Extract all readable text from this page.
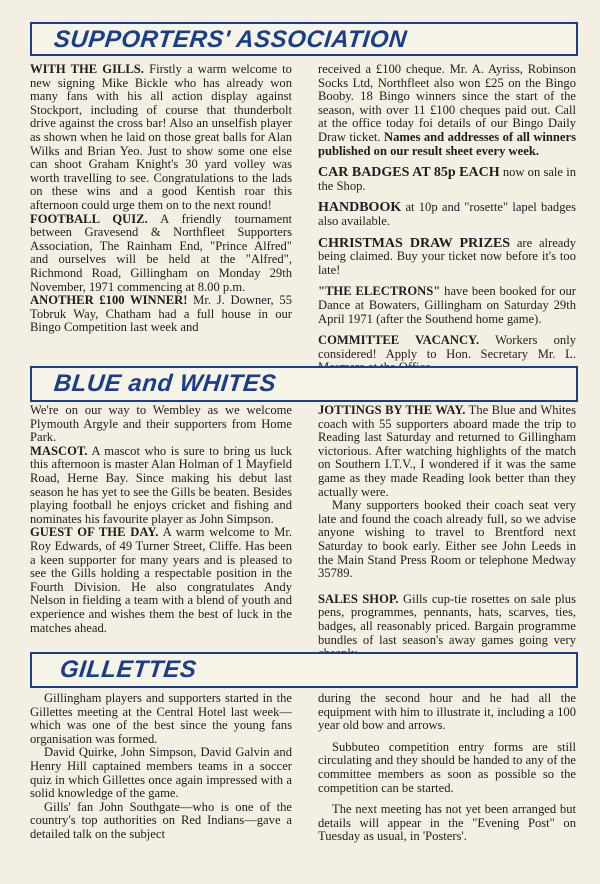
SUPPORTERS' ASSOCIATION

WITH THE GILLS. Firstly a warm welcome to new signing Mike Bickle who has already won many fans with his all action display against Stockport, including of course that thunderbolt drive against the cross bar! Also an unselfish player as shown when he laid on those great balls for Alan Wilks and Brian Yeo. Just to show some one else can shoot Graham Knight's 30 yard volley was worth travelling to see. Congratulations to the lads on these wins and a good Kentish roar this afternoon could urge them on to the next round!

FOOTBALL QUIZ. A friendly tournament between Gravesend & Northfleet Supporters Association, The Rainham End, "Prince Alfred" and ourselves will be held at the "Alfred", Richmond Road, Gillingham on Monday 29th November, 1971 commencing at 8.00 p.m.

ANOTHER £100 WINNER! Mr. J. Downer, 55 Tobruk Way, Chatham had a full house in our Bingo Competition last week and

received a £100 cheque. Mr. A. Ayriss, Robinson Socks Ltd, Northfleet also won £25 on the Bingo Booby. 18 Bingo winners since the start of the season, with over 11 £100 cheques paid out. Call at the office today foi details of our Bingo Daily Draw ticket. Names and addresses of all winners published on our result sheet every week.

CAR BADGES AT 85p EACH now on sale in the Shop.

HANDBOOK at 10p and "rosette" lapel badges also available.

CHRISTMAS DRAW PRIZES are already being claimed. Buy your ticket now before it's too late!

"THE ELECTRONS" have been booked for our Dance at Bowaters, Gillingham on Saturday 29th April 1971 (after the Southend home game).

COMMITTEE VACANCY. Workers only considered! Apply to Hon. Secretary Mr. L.

BLUE and WHITES

We're on our way to Wembley as we welcome Plymouth Argyle and their supporters from Home Park.

MASCOT. A mascot who is sure to bring us luck this afternoon is master Alan Holman of 1 Mayfield Road, Herne Bay. Since making his debut last season he has yet to see the Gills be beaten. Besides playing football he enjoys cricket and fishing and nominates his favourite player as John Simpson.

GUEST OF THE DAY. A warm welcome to Mr. Roy Edwards, of 49 Turner Street, Cliffe. Has been a keen supporter for many years and is pleased to see the Gills holding a respectable position in the Fourth Division. He also congratulates Andy Nelson in fielding a team with a blend of youth and experience and wishes them the best of luck in the matches ahead.

JOTTINGS BY THE WAY. The Blue and Whites coach with 55 supporters aboard made the trip to Reading last Saturday and returned to Gillingham victorious. After watching highlights of the match on Southern I.T.V., I wondered if it was the same game as they made Reading look better than they actually were.

Many supporters booked their coach seat very late and found the coach already full, so we advise anyone wishing to travel to Brentford next Saturday to book early. Either see John Leeds in the Main Stand Press Room or telephone Medway 35789.

SALES SHOP. Gills cup-tie rosettes on sale plus pens, programmes, pennants, hats, scarves, ties, badges, all reasonably priced. Bargain programme bundles of last season's away games going very

GILLETTES

Gillingham players and supporters started in the Gillettes meeting at the Central Hotel last week—which was one of the best since the young fans organisation was formed.

David Quirke, John Simpson, David Galvin and Henry Hill captained members teams in a soccer quiz in which Gillettes once again impressed with a solid knowledge of the game.

Gills' fan John Southgate—who is one of the country's top authorities on Red Indians—gave a detailed talk on the subject

during the second hour and he had all the equipment with him to illustrate it, including a 100 year old bow and arrows.

Subbuteo competition entry forms are still circulating and they should be handed to any of the committee members as soon as possible so the competition can be started.

The next meeting has not yet been arranged but details will appear in the "Evening Post" on Tuesday as usual, in 'Posters'.
